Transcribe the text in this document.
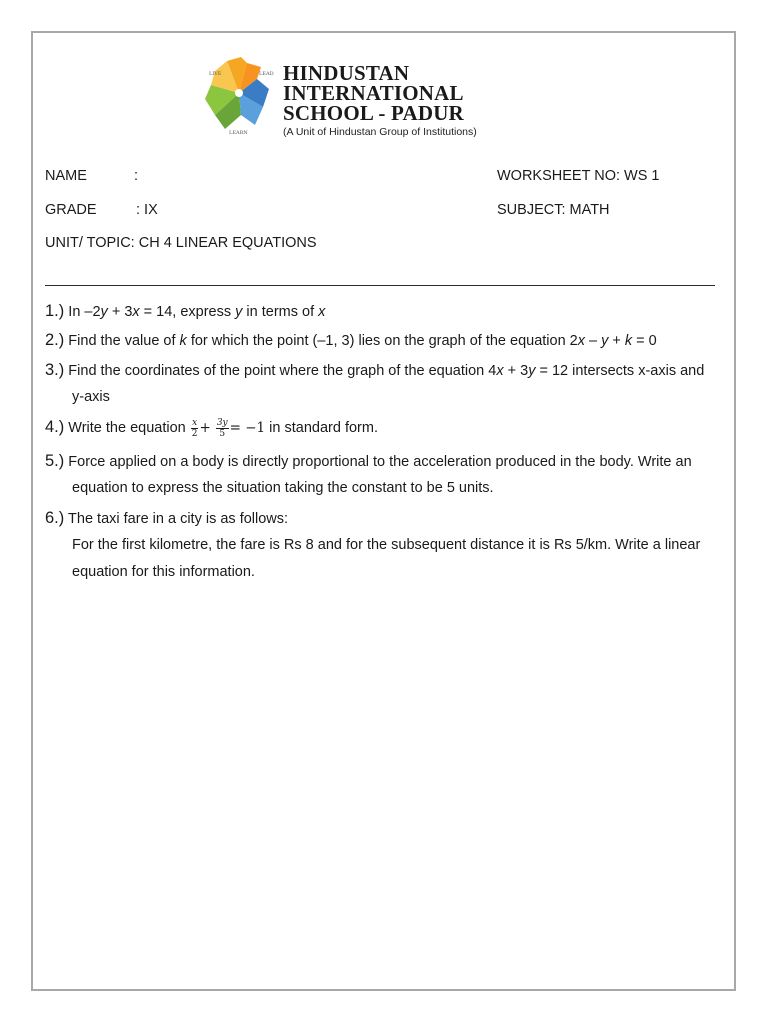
LIVE	LEAD
LEARN
HINDUSTAN
INTERNATIONAL
SCHOOL - PADUR
(A Unit of Hindustan Group of Institutions)
NAME	:	WORKSHEET NO: WS 1
GRADE	: IX	SUBJECT: MATH
UNIT/ TOPIC: CH 4 LINEAR EQUATIONS
1.) In –2y + 3x = 14, express y in terms of x
2.) Find the value of k for which the point (–1, 3) lies on the graph of the equation 2x – y + k = 0
3.) Find the coordinates of the point where the graph of the equation 4x + 3y = 12 intersects x-axis and
y-axis
4.) Write the equation $\frac{x}{2} + \frac{3y}{5} = -1$ in standard form.
5.) Force applied on a body is directly proportional to the acceleration produced in the body. Write an
equation to express the situation taking the constant to be 5 units.
6.) The taxi fare in a city is as follows:
For the first kilometre, the fare is Rs 8 and for the subsequent distance it is Rs 5/km. Write a linear
equation for this information.
